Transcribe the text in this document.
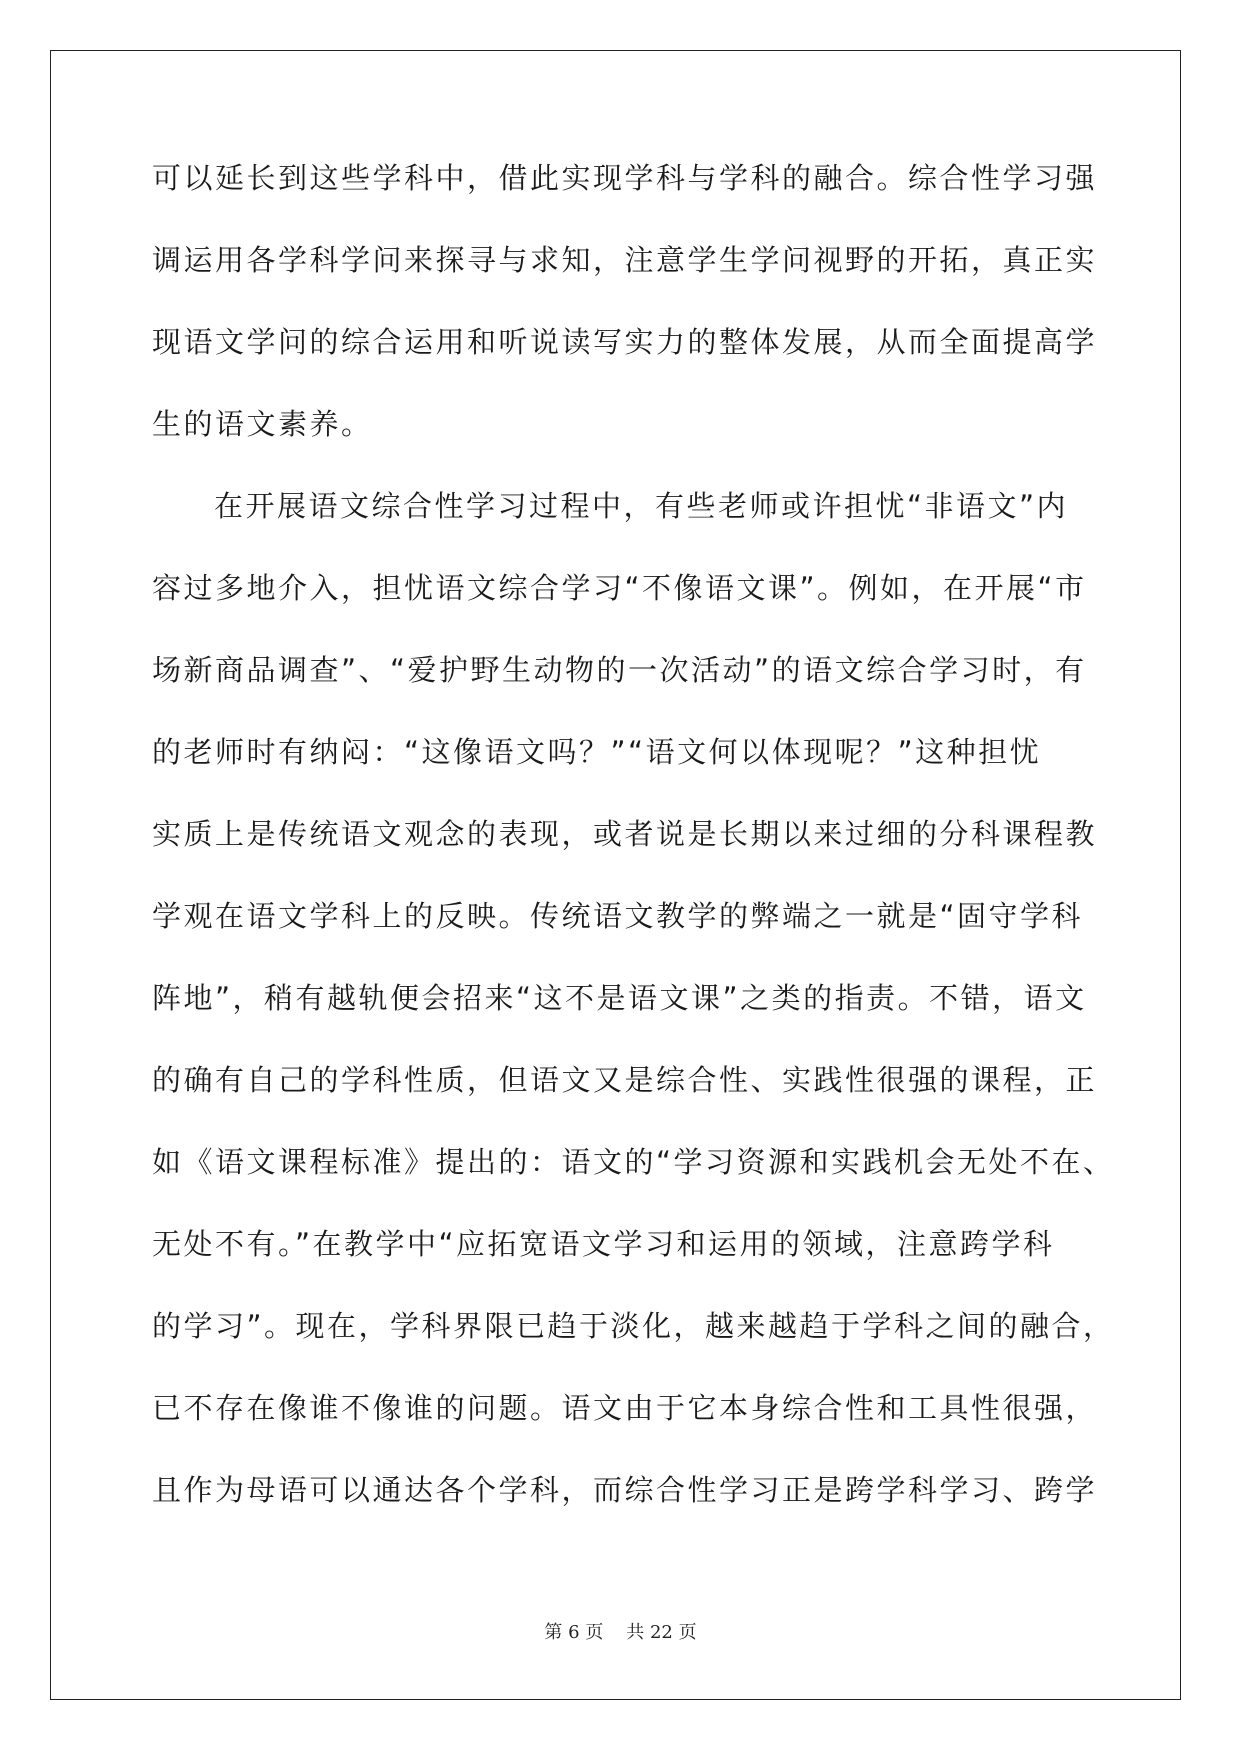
可以延长到这些学科中，借此实现学科与学科的融合。综合性学习强
调运用各学科学问来探寻与求知，注意学生学问视野的开拓，真正实
现语文学问的综合运用和听说读写实力的整体发展，从而全面提高学
生的语文素养。
在开展语文综合性学习过程中，有些老师或许担忧“非语文”内
容过多地介入，担忧语文综合学习“不像语文课”。例如，在开展“市
场新商品调查”、“爱护野生动物的一次活动”的语文综合学习时，有
的老师时有纳闷：“这像语文吗？”“语文何以体现呢？”这种担忧
实质上是传统语文观念的表现，或者说是长期以来过细的分科课程教
学观在语文学科上的反映。传统语文教学的弊端之一就是“固守学科
阵地”，稍有越轨便会招来“这不是语文课”之类的指责。不错，语文
的确有自己的学科性质，但语文又是综合性、实践性很强的课程，正
如《语文课程标准》提出的：语文的“学习资源和实践机会无处不在、
无处不有。”在教学中“应拓宽语文学习和运用的领域，注意跨学科
的学习”。现在，学科界限已趋于淡化，越来越趋于学科之间的融合，
已不存在像谁不像谁的问题。语文由于它本身综合性和工具性很强，
且作为母语可以通达各个学科，而综合性学习正是跨学科学习、跨学
第 6 页 共 22 页
